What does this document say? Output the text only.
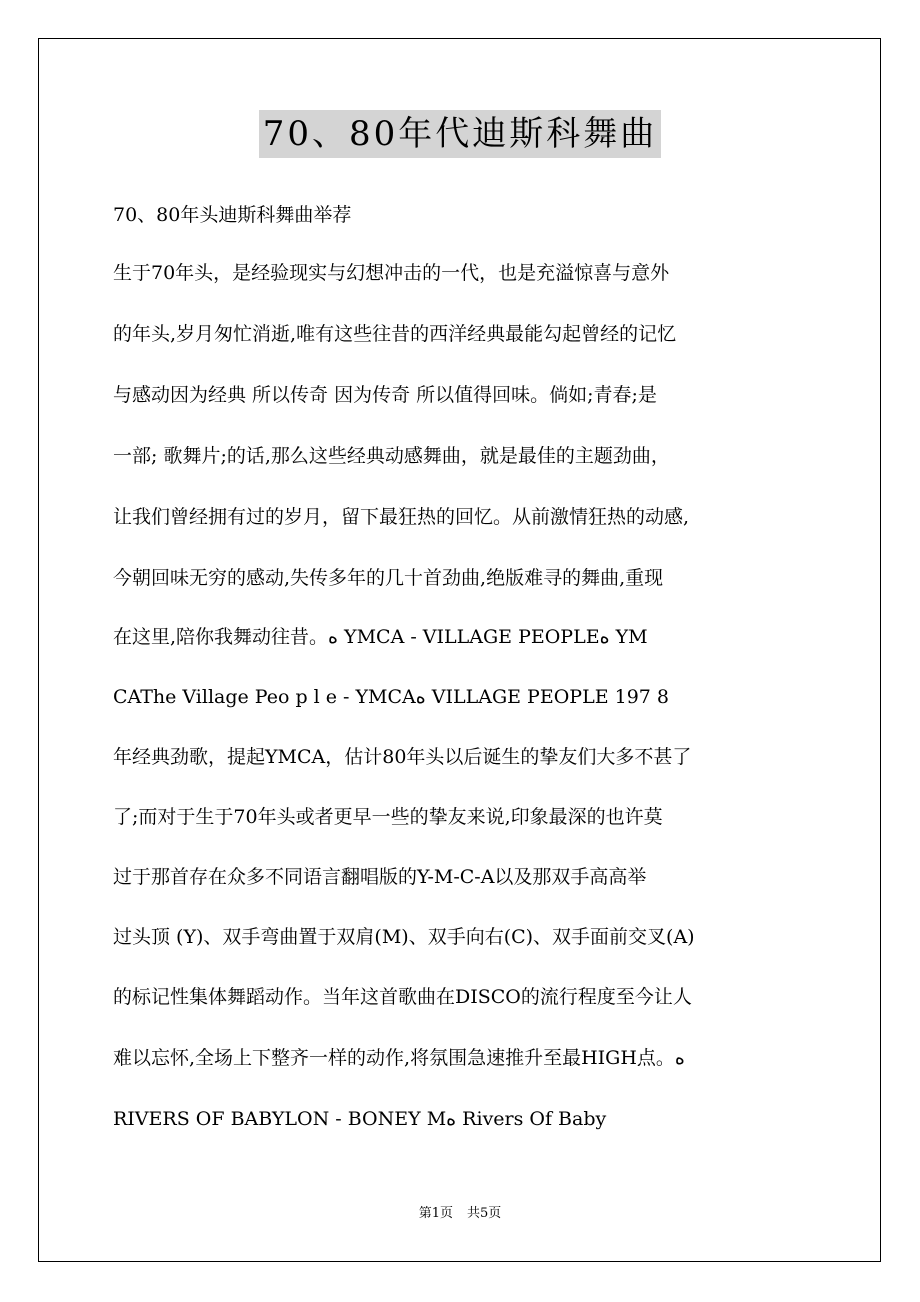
70、80年代迪斯科舞曲
70、80年头迪斯科舞曲举荐
生于70年头，是经验现实与幻想冲击的一代，也是充溢惊喜与意外
的年头,岁月匆忙消逝,唯有这些往昔的西洋经典最能勾起曾经的记忆
与感动因为经典 所以传奇 因为传奇 所以值得回味。倘如;青春;是
一部; 歌舞片;的话,那么这些经典动感舞曲，就是最佳的主题劲曲，
让我们曾经拥有过的岁月，留下最狂热的回忆。从前激情狂热的动感,
今朝回味无穷的感动,失传多年的几十首劲曲,绝版难寻的舞曲,重现
在这里,陪你我舞动往昔。ه YMCA - VILLAGE PEOPLEه YM
CAThe Village Peo p l e - YMCAه VILLAGE PEOPLE 197 8
年经典劲歌，提起YMCA，估计80年头以后诞生的挚友们大多不甚了
了;而对于生于70年头或者更早一些的挚友来说,印象最深的也许莫
过于那首存在众多不同语言翻唱版的Y-M-C-A以及那双手高高举
过头顶 (Y)、双手弯曲置于双肩(M)、双手向右(C)、双手面前交叉(A)
的标记性集体舞蹈动作。当年这首歌曲在DISCO的流行程度至今让人
难以忘怀,全场上下整齐一样的动作,将氛围急速推升至最HIGH点。ه
RIVERS OF BABYLON - BONEY Mه Rivers Of Baby
第1页 共5页
